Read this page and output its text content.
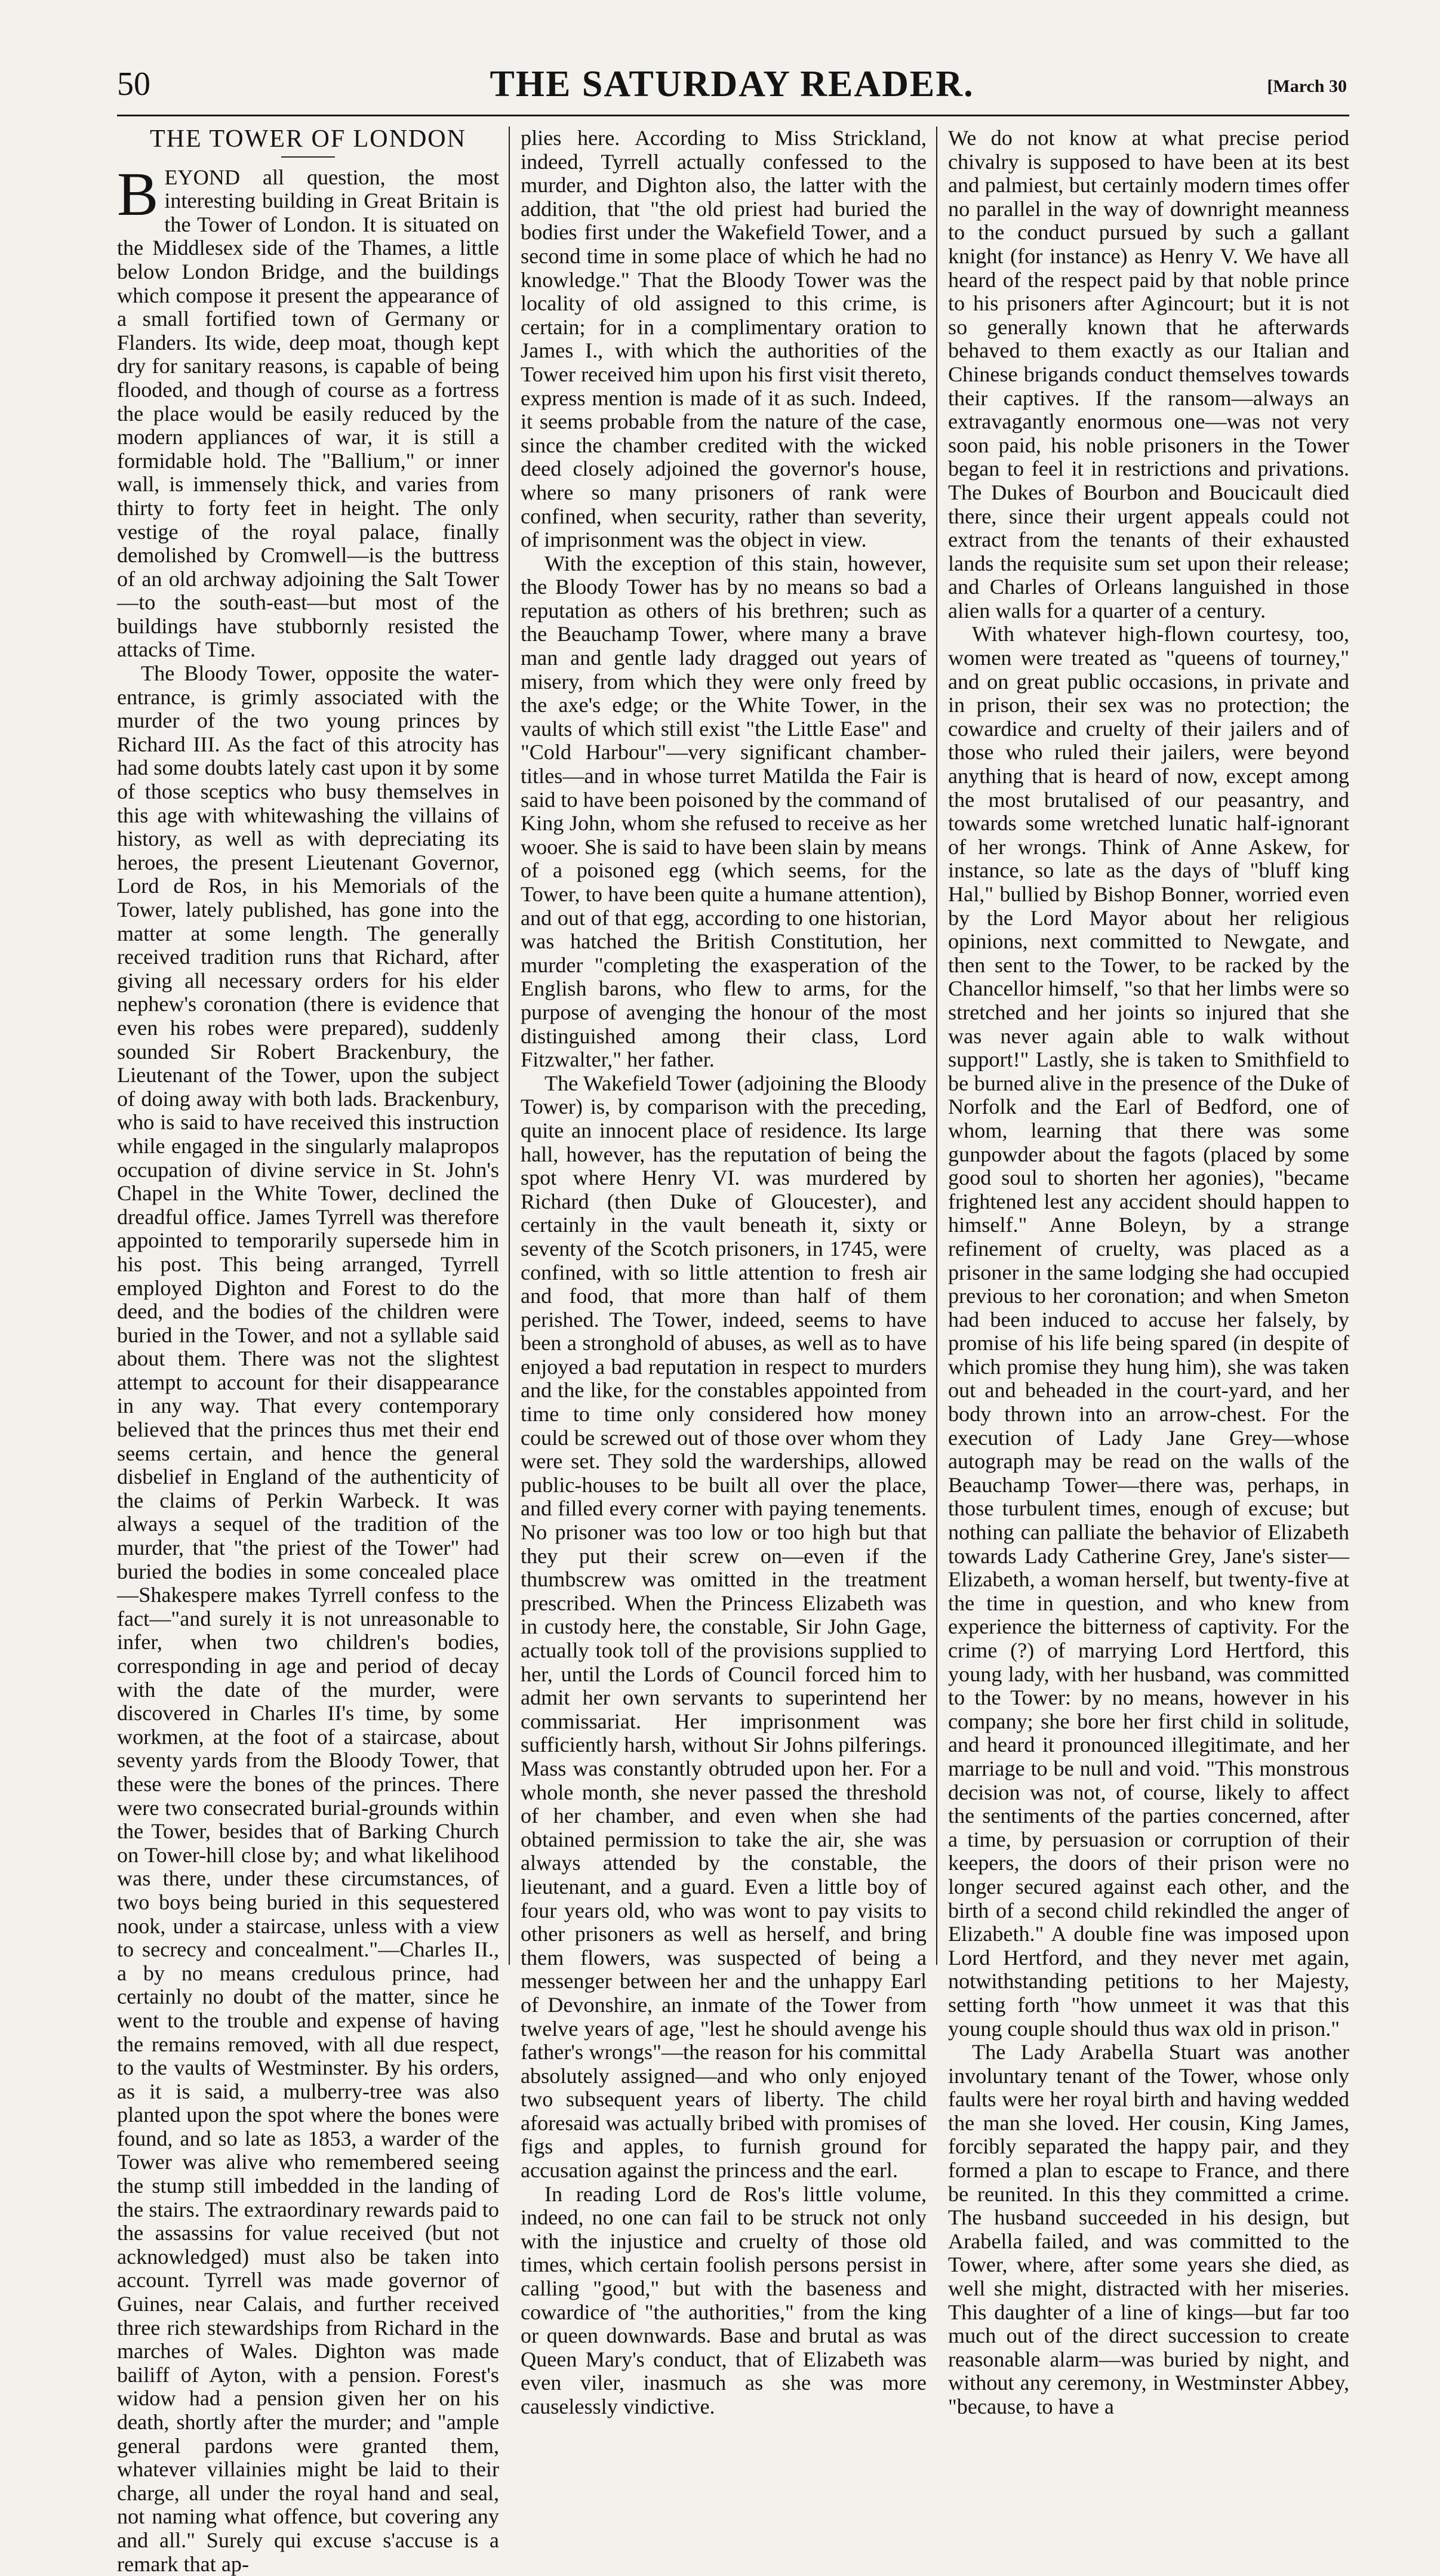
50	THE SATURDAY READER.	[March 30
THE TOWER OF LONDON

BEYOND all question, the most interesting building in Great Britain is the Tower of London. It is situated on the Middlesex side of the Thames, a little below London Bridge, and the buildings which compose it present the appearance of a small fortified town of Germany or Flanders. Its wide, deep moat, though kept dry for sanitary reasons, is capable of being flooded, and though of course as a fortress the place would be easily reduced by the modern appliances of war, it is still a formidable hold. The "Ballium," or inner wall, is immensely thick, and varies from thirty to forty feet in height. The only vestige of the royal palace, finally demolished by Cromwell—is the buttress of an old archway adjoining the Salt Tower—to the south-east—but most of the buildings have stubbornly resisted the attacks of Time.

The Bloody Tower, opposite the water-entrance, is grimly associated with the murder of the two young princes by Richard III. As the fact of this atrocity has had some doubts lately cast upon it by some of those sceptics who busy themselves in this age with whitewashing the villains of history, as well as with depreciating its heroes, the present Lieutenant Governor, Lord de Ros, in his Memorials of the Tower, lately published, has gone into the matter at some length. The generally received tradition runs that Richard, after giving all necessary orders for his elder nephew's coronation (there is evidence that even his robes were prepared), suddenly sounded Sir Robert Brackenbury, the Lieutenant of the Tower, upon the subject of doing away with both lads. Brackenbury, who is said to have received this instruction while engaged in the singularly malapropos occupation of divine service in St. John's Chapel in the White Tower, declined the dreadful office. James Tyrrell was therefore appointed to temporarily supersede him in his post. This being arranged, Tyrrell employed Dighton and Forest to do the deed, and the bodies of the children were buried in the Tower, and not a syllable said about them. There was not the slightest attempt to account for their disappearance in any way. That every contemporary believed that the princes thus met their end seems certain, and hence the general disbelief in England of the authenticity of the claims of Perkin Warbeck. It was always a sequel of the tradition of the murder, that "the priest of the Tower" had buried the bodies in some concealed place—Shakespere makes Tyrrell confess to the fact—"and surely it is not unreasonable to infer, when two children's bodies, corresponding in age and period of decay with the date of the murder, were discovered in Charles II's time, by some workmen, at the foot of a staircase, about seventy yards from the Bloody Tower, that these were the bones of the princes. There were two consecrated burial-grounds within the Tower, besides that of Barking Church on Tower-hill close by; and what likelihood was there, under these circumstances, of two boys being buried in this sequestered nook, under a staircase, unless with a view to secrecy and concealment."—Charles II., a by no means credulous prince, had certainly no doubt of the matter, since he went to the trouble and expense of having the remains removed, with all due respect, to the vaults of Westminster. By his orders, as it is said, a mulberry-tree was also planted upon the spot where the bones were found, and so late as 1853, a warder of the Tower was alive who remembered seeing the stump still imbedded in the landing of the stairs. The extraordinary rewards paid to the assassins for value received (but not acknowledged) must also be taken into account. Tyrrell was made governor of Guines, near Calais, and further received three rich stewardships from Richard in the marches of Wales. Dighton was made bailiff of Ayton, with a pension. Forest's widow had a pension given her on his death, shortly after the murder; and "ample general pardons were granted them, whatever villainies might be laid to their charge, all under the royal hand and seal, not naming what offence, but covering any and all." Surely qui excuse s'accuse is a remark that ap-

plies here. According to Miss Strickland, indeed, Tyrrell actually confessed to the murder, and Dighton also, the latter with the addition, that "the old priest had buried the bodies first under the Wakefield Tower, and a second time in some place of which he had no knowledge." That the Bloody Tower was the locality of old assigned to this crime, is certain; for in a complimentary oration to James I., with which the authorities of the Tower received him upon his first visit thereto, express mention is made of it as such. Indeed, it seems probable from the nature of the case, since the chamber credited with the wicked deed closely adjoined the governor's house, where so many prisoners of rank were confined, when security, rather than severity, of imprisonment was the object in view.

With the exception of this stain, however, the Bloody Tower has by no means so bad a reputation as others of his brethren; such as the Beauchamp Tower, where many a brave man and gentle lady dragged out years of misery, from which they were only freed by the axe's edge; or the White Tower, in the vaults of which still exist "the Little Ease" and "Cold Harbour"—very significant chamber-titles—and in whose turret Matilda the Fair is said to have been poisoned by the command of King John, whom she refused to receive as her wooer. She is said to have been slain by means of a poisoned egg (which seems, for the Tower, to have been quite a humane attention), and out of that egg, according to one historian, was hatched the British Constitution, her murder "completing the exasperation of the English barons, who flew to arms, for the purpose of avenging the honour of the most distinguished among their class, Lord Fitzwalter," her father.

The Wakefield Tower (adjoining the Bloody Tower) is, by comparison with the preceding, quite an innocent place of residence. Its large hall, however, has the reputation of being the spot where Henry VI. was murdered by Richard (then Duke of Gloucester), and certainly in the vault beneath it, sixty or seventy of the Scotch prisoners, in 1745, were confined, with so little attention to fresh air and food, that more than half of them perished. The Tower, indeed, seems to have been a stronghold of abuses, as well as to have enjoyed a bad reputation in respect to murders and the like, for the constables appointed from time to time only considered how money could be screwed out of those over whom they were set. They sold the warderships, allowed public-houses to be built all over the place, and filled every corner with paying tenements. No prisoner was too low or too high but that they put their screw on—even if the thumbscrew was omitted in the treatment prescribed. When the Princess Elizabeth was in custody here, the constable, Sir John Gage, actually took toll of the provisions supplied to her, until the Lords of Council forced him to admit her own servants to superintend her commissariat. Her imprisonment was sufficiently harsh, without Sir Johns pilferings. Mass was constantly obtruded upon her. For a whole month, she never passed the threshold of her chamber, and even when she had obtained permission to take the air, she was always attended by the constable, the lieutenant, and a guard. Even a little boy of four years old, who was wont to pay visits to other prisoners as well as herself, and bring them flowers, was suspected of being a messenger between her and the unhappy Earl of Devonshire, an inmate of the Tower from twelve years of age, "lest he should avenge his father's wrongs"—the reason for his committal absolutely assigned—and who only enjoyed two subsequent years of liberty. The child aforesaid was actually bribed with promises of figs and apples, to furnish ground for accusation against the princess and the earl.

In reading Lord de Ros's little volume, indeed, no one can fail to be struck not only with the injustice and cruelty of those old times, which certain foolish persons persist in calling "good," but with the baseness and cowardice of "the authorities," from the king or queen downwards. Base and brutal as was Queen Mary's conduct, that of Elizabeth was even viler, inasmuch as she was more causelessly vindictive.

We do not know at what precise period chivalry is supposed to have been at its best and palmiest, but certainly modern times offer no parallel in the way of downright meanness to the conduct pursued by such a gallant knight (for instance) as Henry V. We have all heard of the respect paid by that noble prince to his prisoners after Agincourt; but it is not so generally known that he afterwards behaved to them exactly as our Italian and Chinese brigands conduct themselves towards their captives. If the ransom—always an extravagantly enormous one—was not very soon paid, his noble prisoners in the Tower began to feel it in restrictions and privations. The Dukes of Bourbon and Boucicault died there, since their urgent appeals could not extract from the tenants of their exhausted lands the requisite sum set upon their release; and Charles of Orleans languished in those alien walls for a quarter of a century.

With whatever high-flown courtesy, too, women were treated as "queens of tourney," and on great public occasions, in private and in prison, their sex was no protection; the cowardice and cruelty of their jailers and of those who ruled their jailers, were beyond anything that is heard of now, except among the most brutalised of our peasantry, and towards some wretched lunatic half-ignorant of her wrongs. Think of Anne Askew, for instance, so late as the days of "bluff king Hal," bullied by Bishop Bonner, worried even by the Lord Mayor about her religious opinions, next committed to Newgate, and then sent to the Tower, to be racked by the Chancellor himself, "so that her limbs were so stretched and her joints so injured that she was never again able to walk without support!" Lastly, she is taken to Smithfield to be burned alive in the presence of the Duke of Norfolk and the Earl of Bedford, one of whom, learning that there was some gunpowder about the fagots (placed by some good soul to shorten her agonies), "became frightened lest any accident should happen to himself." Anne Boleyn, by a strange refinement of cruelty, was placed as a prisoner in the same lodging she had occupied previous to her coronation; and when Smeton had been induced to accuse her falsely, by promise of his life being spared (in despite of which promise they hung him), she was taken out and beheaded in the court-yard, and her body thrown into an arrow-chest. For the execution of Lady Jane Grey—whose autograph may be read on the walls of the Beauchamp Tower—there was, perhaps, in those turbulent times, enough of excuse; but nothing can palliate the behavior of Elizabeth towards Lady Catherine Grey, Jane's sister—Elizabeth, a woman herself, but twenty-five at the time in question, and who knew from experience the bitterness of captivity. For the crime (?) of marrying Lord Hertford, this young lady, with her husband, was committed to the Tower: by no means, however in his company; she bore her first child in solitude, and heard it pronounced illegitimate, and her marriage to be null and void. "This monstrous decision was not, of course, likely to affect the sentiments of the parties concerned, after a time, by persuasion or corruption of their keepers, the doors of their prison were no longer secured against each other, and the birth of a second child rekindled the anger of Elizabeth." A double fine was imposed upon Lord Hertford, and they never met again, notwithstanding petitions to her Majesty, setting forth "how unmeet it was that this young couple should thus wax old in prison."

The Lady Arabella Stuart was another involuntary tenant of the Tower, whose only faults were her royal birth and having wedded the man she loved. Her cousin, King James, forcibly separated the happy pair, and they formed a plan to escape to France, and there be reunited. In this they committed a crime. The husband succeeded in his design, but Arabella failed, and was committed to the Tower, where, after some years she died, as well she might, distracted with her miseries. This daughter of a line of kings—but far too much out of the direct succession to create reasonable alarm—was buried by night, and without any ceremony, in Westminster Abbey, "because, to have a
